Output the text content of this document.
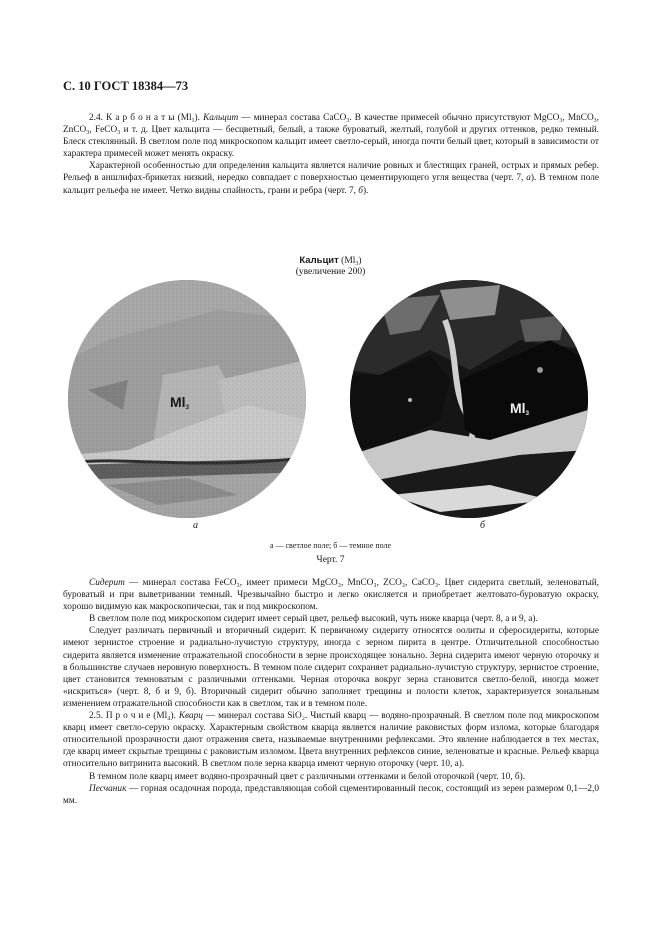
С. 10 ГОСТ 18384—73

2.4. К а р б о н а т ы $(Ml_1)$. Кальцит — минерал состава CaCO$_3$. В качестве примесей обычно присутствуют MgCO$_3$, MnCO$_3$, ZnCO$_3$, FeCO$_3$ и т. д. Цвет кальцита — бесцветный, белый, а также буроватый, желтый, голубой и других оттенков, редко темный. Блеск стеклянный. В светлом поле под микроскопом кальцит имеет светло-серый, иногда почти белый цвет, который в зависимости от характера примесей может менять окраску.

Характерной особенностью для определения кальцита является наличие ровных и блестящих граней, острых и прямых ребер. Рельеф в аншлифах-брикетах низкий, нередко совпадает с поверхностью цементирующего угля вещества (черт. 7, а). В темном поле кальцит рельефа не имеет. Четко видны спайность, грани и ребра (черт. 7, б).

Кальцит $(Ml_3)$
(увеличение 200)
$Ml_3$	$Ml_3$
а	б
а — светлое поле; б — темное поле
Черт. 7

Сидерит — минерал состава FeCO₃, имеет примеси MgCO₃, MnCO₃, ZCO₃, CaCO₃. Цвет сидерита светлый, зеленоватый, буроватый и при выветривании темный. Чрезвычайно быстро и легко окисляется и приобретает желтовато-буроватую окраску, хорошо видимую как макроскопически, так и под микроскопом.

В светлом поле под микроскопом сидерит имеет серый цвет, рельеф высокий, чуть ниже кварца (черт. 8, а и 9, а).

Следует различать первичный и вторичный сидерит. К первичному сидериту относятся оолиты и сферосидериты, которые имеют зернистое строение и радиально-лучистую структуру, иногда с зерном пирита в центре. Отличительной способностью сидерита является изменение отражательной способности в зерне происходящее зонально. Зерна сидерита имеют черную оторочку и в большинстве случаев неровную поверхность. В темном поле сидерит сохраняет радиально-лучистую структуру, зернистое строение, цвет становится темноватым с различными оттенками. Черная оторочка вокруг зерна становится светло-белой, иногда может «искриться» (черт. 8, б и 9, б). Вторичный сидерит обычно заполняет трещины и полости клеток, характеризуется зональным изменением отражательной способности как в светлом, так и в темном поле.

2.5. П р о ч и е (Ml₄). Кварц — минерал состава SiO₂. Чистый кварц — водяно-прозрачный. В светлом поле под микроскопом кварц имеет светло-серую окраску. Характерным свойством кварца является наличие раковистых форм излома, которые благодаря относительной прозрачности дают отражения света, называемые внутренними рефлексами. Это явление наблюдается в тех местах, где кварц имеет скрытые трещины с раковистым изломом. Цвета внутренних рефлексов синие, зеленоватые и красные. Рельеф кварца относительно витринита высокий. В светлом поле зерна кварца имеют черную оторочку (черт. 10, а).

В темном поле кварц имеет водяно-прозрачный цвет с различными оттенками и белой оторочкой (черт. 10, б).

Песчаник — горная осадочная порода, представляющая собой сцементированный песок, состоящий из зерен размером 0,1—2,0 мм.
